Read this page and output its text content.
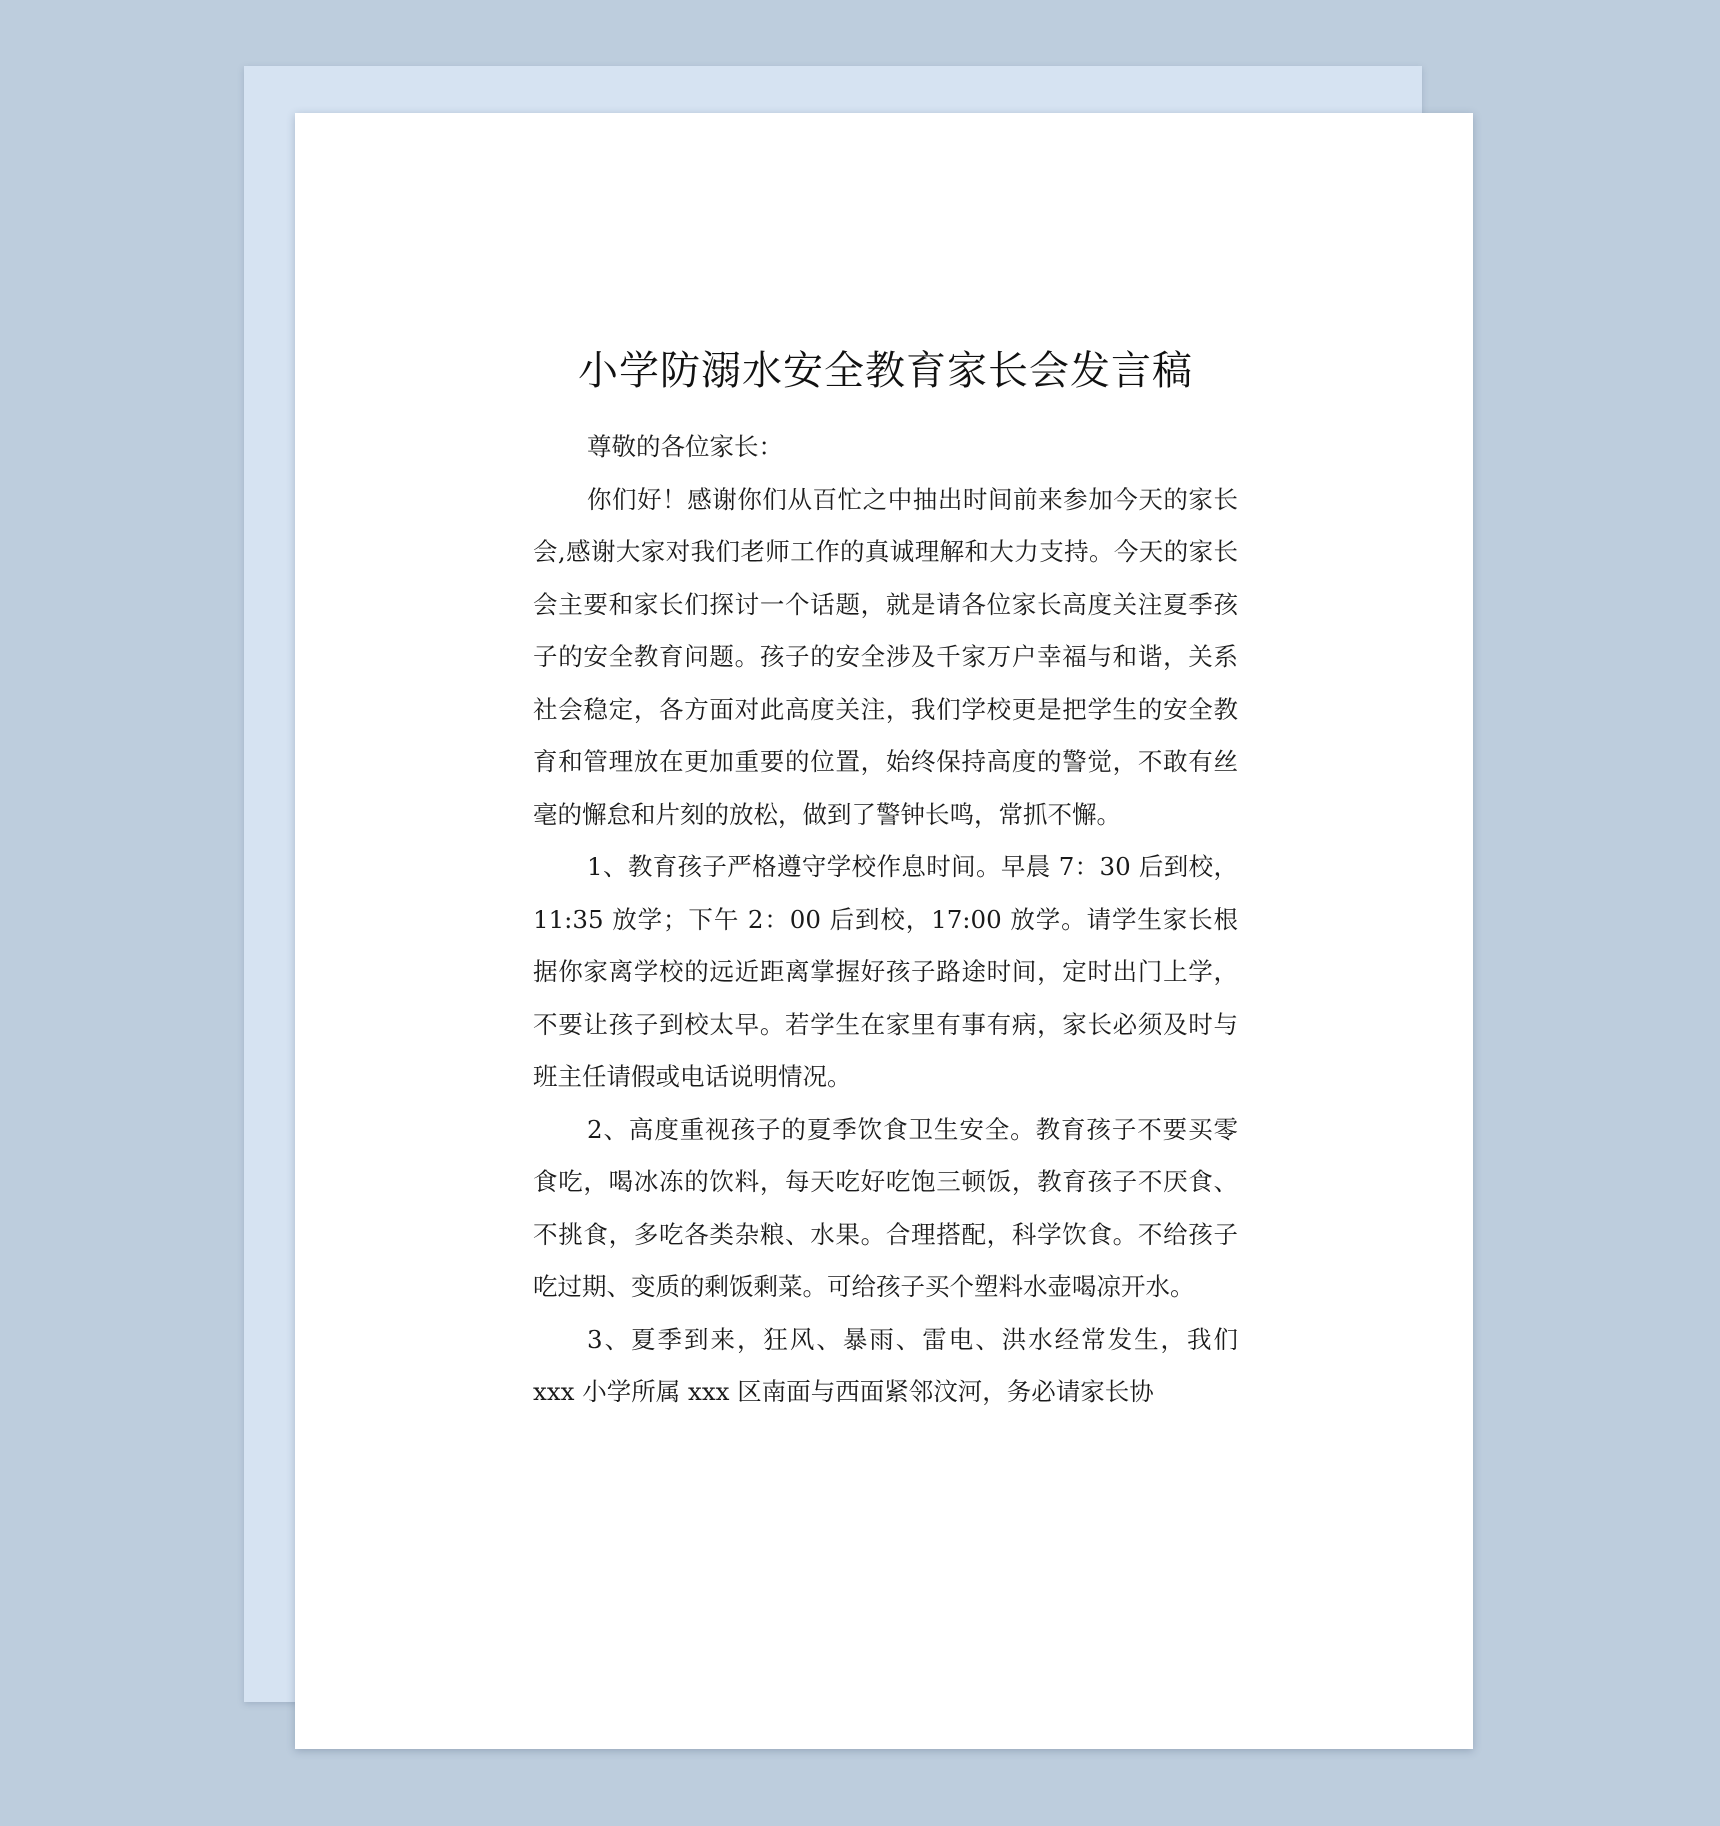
小学防溺水安全教育家长会发言稿

尊敬的各位家长：

你们好！感谢你们从百忙之中抽出时间前来参加今天的家长会,感谢大家对我们老师工作的真诚理解和大力支持。今天的家长会主要和家长们探讨一个话题，就是请各位家长高度关注夏季孩子的安全教育问题。孩子的安全涉及千家万户幸福与和谐，关系社会稳定，各方面对此高度关注，我们学校更是把学生的安全教育和管理放在更加重要的位置，始终保持高度的警觉，不敢有丝毫的懈怠和片刻的放松，做到了警钟长鸣，常抓不懈。

1、教育孩子严格遵守学校作息时间。早晨 7：30 后到校，11:35 放学；下午 2：00 后到校，17:00 放学。请学生家长根据你家离学校的远近距离掌握好孩子路途时间，定时出门上学，不要让孩子到校太早。若学生在家里有事有病，家长必须及时与班主任请假或电话说明情况。

2、高度重视孩子的夏季饮食卫生安全。教育孩子不要买零食吃，喝冰冻的饮料，每天吃好吃饱三顿饭，教育孩子不厌食、不挑食，多吃各类杂粮、水果。合理搭配，科学饮食。不给孩子吃过期、变质的剩饭剩菜。可给孩子买个塑料水壶喝凉开水。

3、夏季到来，狂风、暴雨、雷电、洪水经常发生，我们 xxx 小学所属 xxx 区南面与西面紧邻汶河，务必请家长协
